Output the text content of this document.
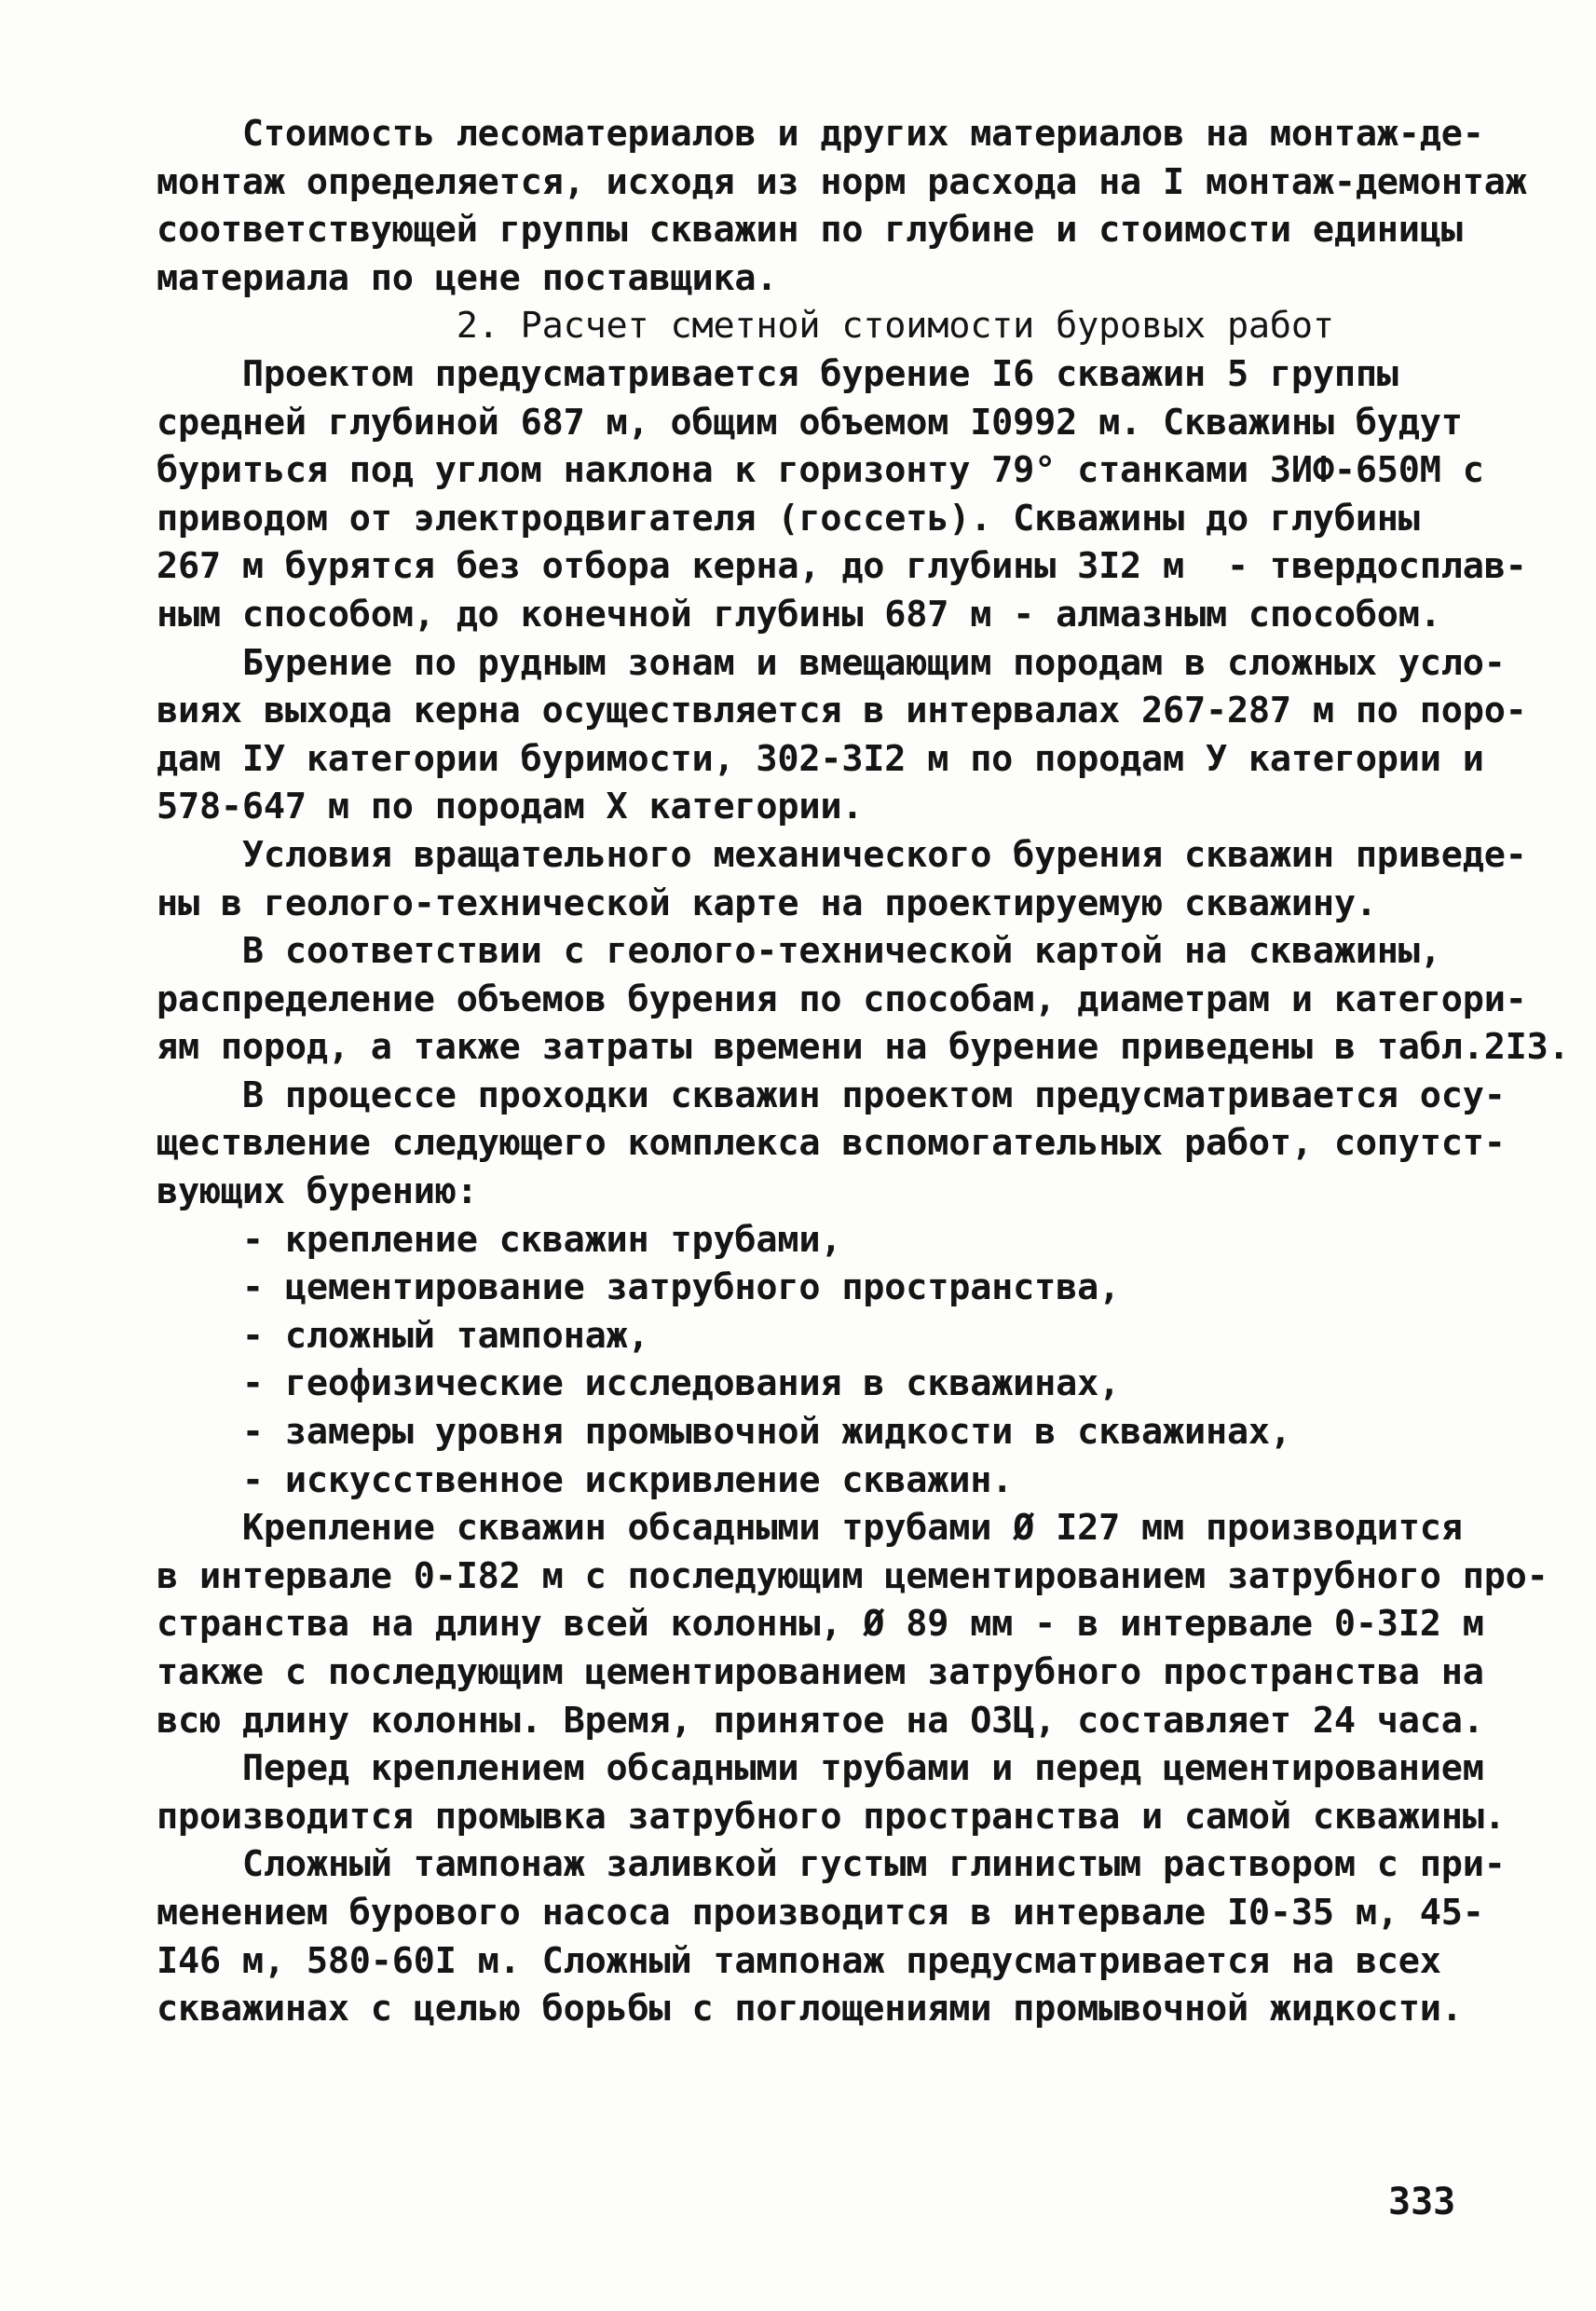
Стоимость лесоматериалов и других материалов на монтаж-де-
монтаж определяется, исходя из норм расхода на I монтаж-демонтаж
соответствующей группы скважин по глубине и стоимости единицы
материала по цене поставщика.
2. Расчет сметной стоимости буровых работ
Проектом предусматривается бурение I6 скважин 5 группы
средней глубиной 687 м, общим объемом I0992 м. Скважины будут
буриться под углом наклона к горизонту 79° станками ЗИФ-650М с
приводом от электродвигателя (госсеть). Скважины до глубины
267 м бурятся без отбора керна, до глубины 3I2 м  - твердосплав-
ным способом, до конечной глубины 687 м - алмазным способом.
Бурение по рудным зонам и вмещающим породам в сложных усло-
виях выхода керна осуществляется в интервалах 267-287 м по поро-
дам IУ категории буримости, 302-3I2 м по породам У категории и
578-647 м по породам Х категории.
Условия вращательного механического бурения скважин приведе-
ны в геолого-технической карте на проектируемую скважину.
В соответствии с геолого-технической картой на скважины,
распределение объемов бурения по способам, диаметрам и категори-
ям пород, а также затраты времени на бурение приведены в табл.2I3.
В процессе проходки скважин проектом предусматривается осу-
ществление следующего комплекса вспомогательных работ, сопутст-
вующих бурению:
- крепление скважин трубами,
- цементирование затрубного пространства,
- сложный тампонаж,
- геофизические исследования в скважинах,
- замеры уровня промывочной жидкости в скважинах,
- искусственное искривление скважин.
Крепление скважин обсадными трубами Ø I27 мм производится
в интервале 0-I82 м с последующим цементированием затрубного про-
странства на длину всей колонны, Ø 89 мм - в интервале 0-3I2 м
также с последующим цементированием затрубного пространства на
всю длину колонны. Время, принятое на ОЗЦ, составляет 24 часа.
Перед креплением обсадными трубами и перед цементированием
производится промывка затрубного пространства и самой скважины.
Сложный тампонаж заливкой густым глинистым раствором с при-
менением бурового насоса производится в интервале I0-35 м, 45-
I46 м, 580-60I м. Сложный тампонаж предусматривается на всех
скважинах с целью борьбы с поглощениями промывочной жидкости.
333
